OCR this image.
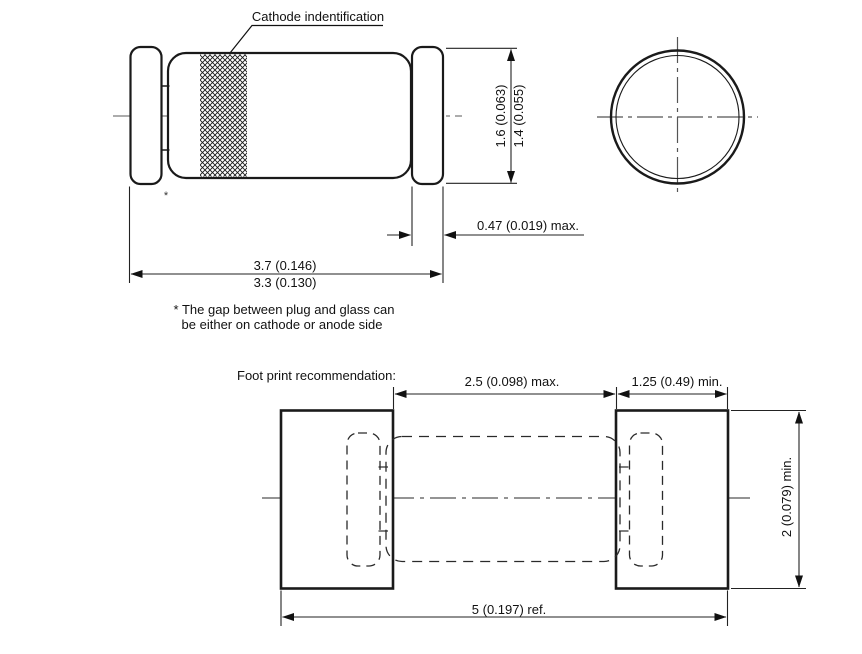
Cathode indentification
1.6 (0.063) 1.4 (0.055)
0.47 (0.019) max.
3.7 (0.146)
3.3 (0.130)
*
* The gap between plug and glass can
be either on cathode or anode side
Foot print recommendation:	2.5 (0.098) max.	1.25 (0.49) min.
2 (0.079) min.
5 (0.197) ref.
